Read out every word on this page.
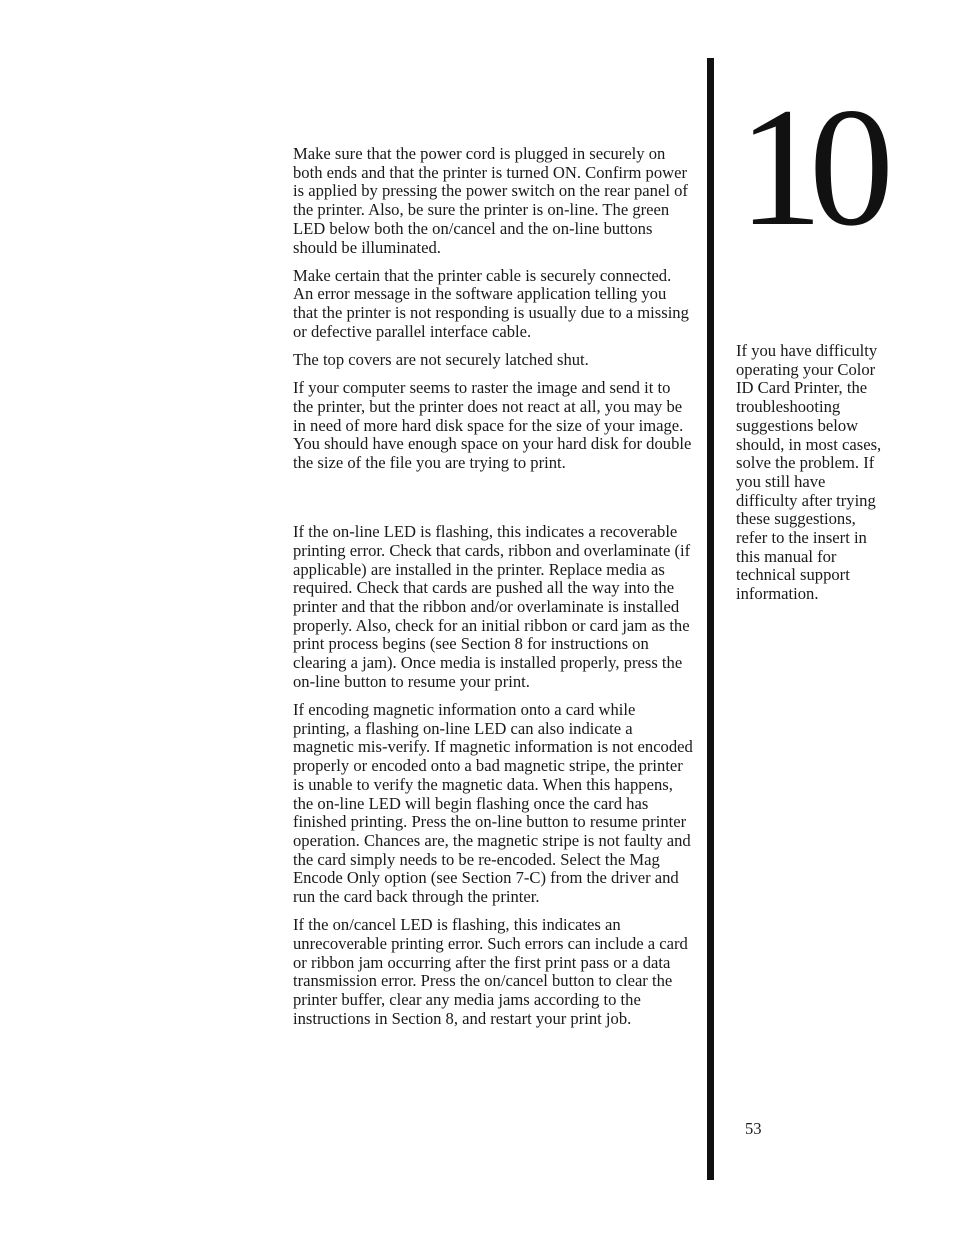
Make sure that the power cord is plugged in securely on both ends and that the printer is turned ON. Confirm power is applied by pressing the power switch on the rear panel of the printer. Also, be sure the printer is on-line. The green LED below both the on/cancel and the on-line buttons should be illuminated.

Make certain that the printer cable is securely connected. An error message in the software application telling you that the printer is not responding is usually due to a missing or defective parallel interface cable.

The top covers are not securely latched shut.

If your computer seems to raster the image and send it to the printer, but the printer does not react at all, you may be in need of more hard disk space for the size of your image. You should have enough space on your hard disk for double the size of the file you are trying to print.

If the on-line LED is flashing, this indicates a recoverable printing error. Check that cards, ribbon and overlaminate (if applicable) are installed in the printer. Replace media as required. Check that cards are pushed all the way into the printer and that the ribbon and/or overlaminate is installed properly. Also, check for an initial ribbon or card jam as the print process begins (see Section 8 for instructions on clearing a jam). Once media is installed properly, press the on-line button to resume your print.

If encoding magnetic information onto a card while printing, a flashing on-line LED can also indicate a magnetic mis-verify. If magnetic information is not encoded properly or encoded onto a bad magnetic stripe, the printer is unable to verify the magnetic data. When this happens, the on-line LED will begin flashing once the card has finished printing. Press the on-line button to resume printer operation. Chances are, the magnetic stripe is not faulty and the card simply needs to be re-encoded. Select the Mag Encode Only option (see Section 7-C) from the driver and run the card back through the printer.

If the on/cancel LED is flashing, this indicates an unrecoverable printing error. Such errors can include a card or ribbon jam occurring after the first print pass or a data transmission error. Press the on/cancel button to clear the printer buffer, clear any media jams according to the instructions in Section 8, and restart your print job.

10

If you have difficulty operating your Color ID Card Printer, the troubleshooting suggestions below should, in most cases, solve the problem. If you still have difficulty after trying these suggestions, refer to the insert in this manual for technical support information.

53
